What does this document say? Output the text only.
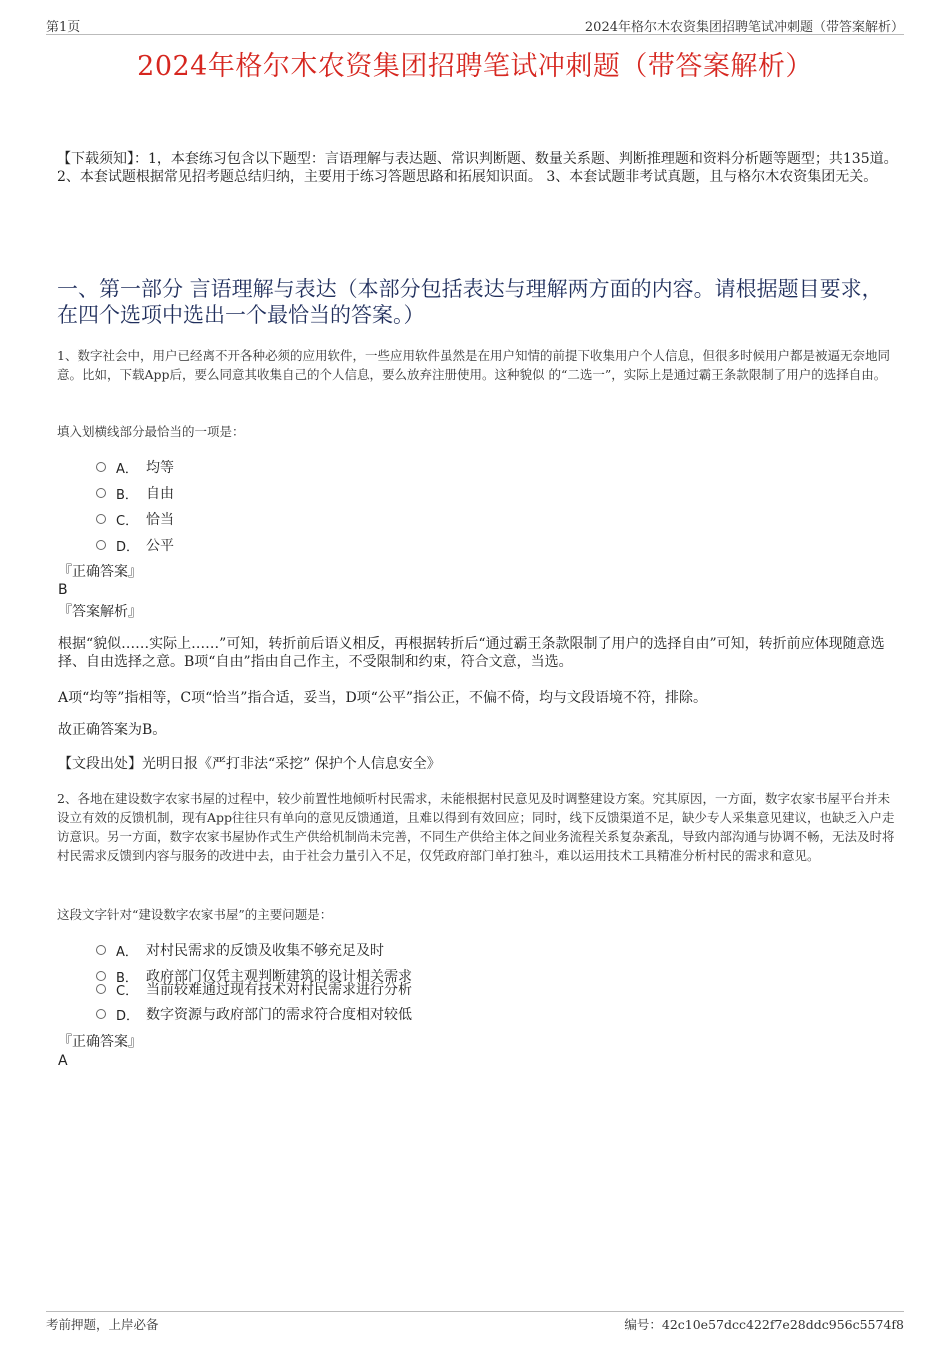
第1页	2024年格尔木农资集团招聘笔试冲刺题（带答案解析）
2024年格尔木农资集团招聘笔试冲刺题（带答案解析）
【下载须知】：1，本套练习包含以下题型：言语理解与表达题、常识判断题、数量关系题、判断推理题和资料分析题等题型；共135道。 2、本套试题根据常见招考题总结归纳，主要用于练习答题思路和拓展知识面。 3、本套试题非考试真题，且与格尔木农资集团无关。
一、第一部分 言语理解与表达（本部分包括表达与理解两方面的内容。请根据题目要求，在四个选项中选出一个最恰当的答案。）
1、数字社会中，用户已经离不开各种必须的应用软件，一些应用软件虽然是在用户知情的前提下收集用户个人信息，但很多时候用户都是被逼无奈地同意。比如，下载App后，要么同意其收集自己的个人信息，要么放弃注册使用。这种貌似 的“二选一”，实际上是通过霸王条款限制了用户的选择自由。
填入划横线部分最恰当的一项是：
A． 均等
B． 自由
C． 恰当
D． 公平
『正确答案』
B
『答案解析』
根据“貌似……实际上……”可知，转折前后语义相反，再根据转折后“通过霸王条款限制了用户的选择自由”可知，转折前应体现随意选择、自由选择之意。B项“自由”指由自己作主，不受限制和约束，符合文意，当选。
A项“均等”指相等，C项“恰当”指合适，妥当，D项“公平”指公正，不偏不倚，均与文段语境不符，排除。
故正确答案为B。
【文段出处】光明日报《严打非法“采挖” 保护个人信息安全》
2、各地在建设数字农家书屋的过程中，较少前置性地倾听村民需求，未能根据村民意见及时调整建设方案。究其原因，一方面，数字农家书屋平台并未设立有效的反馈机制，现有App往往只有单向的意见反馈通道，且难以得到有效回应；同时，线下反馈渠道不足，缺少专人采集意见建议，也缺乏入户走访意识。另一方面，数字农家书屋协作式生产供给机制尚未完善，不同生产供给主体之间业务流程关系复杂紊乱，导致内部沟通与协调不畅，无法及时将村民需求反馈到内容与服务的改进中去，由于社会力量引入不足，仅凭政府部门单打独斗，难以运用技术工具精准分析村民的需求和意见。
这段文字针对“建设数字农家书屋”的主要问题是：
A． 对村民需求的反馈及收集不够充足及时
B． 政府部门仅凭主观判断建筑的设计相关需求
C． 当前较难通过现有技术对村民需求进行分析
D． 数字资源与政府部门的需求符合度相对较低
『正确答案』
A
考前押题，上岸必备	编号：42c10e57dcc422f7e28ddc956c5574f8
